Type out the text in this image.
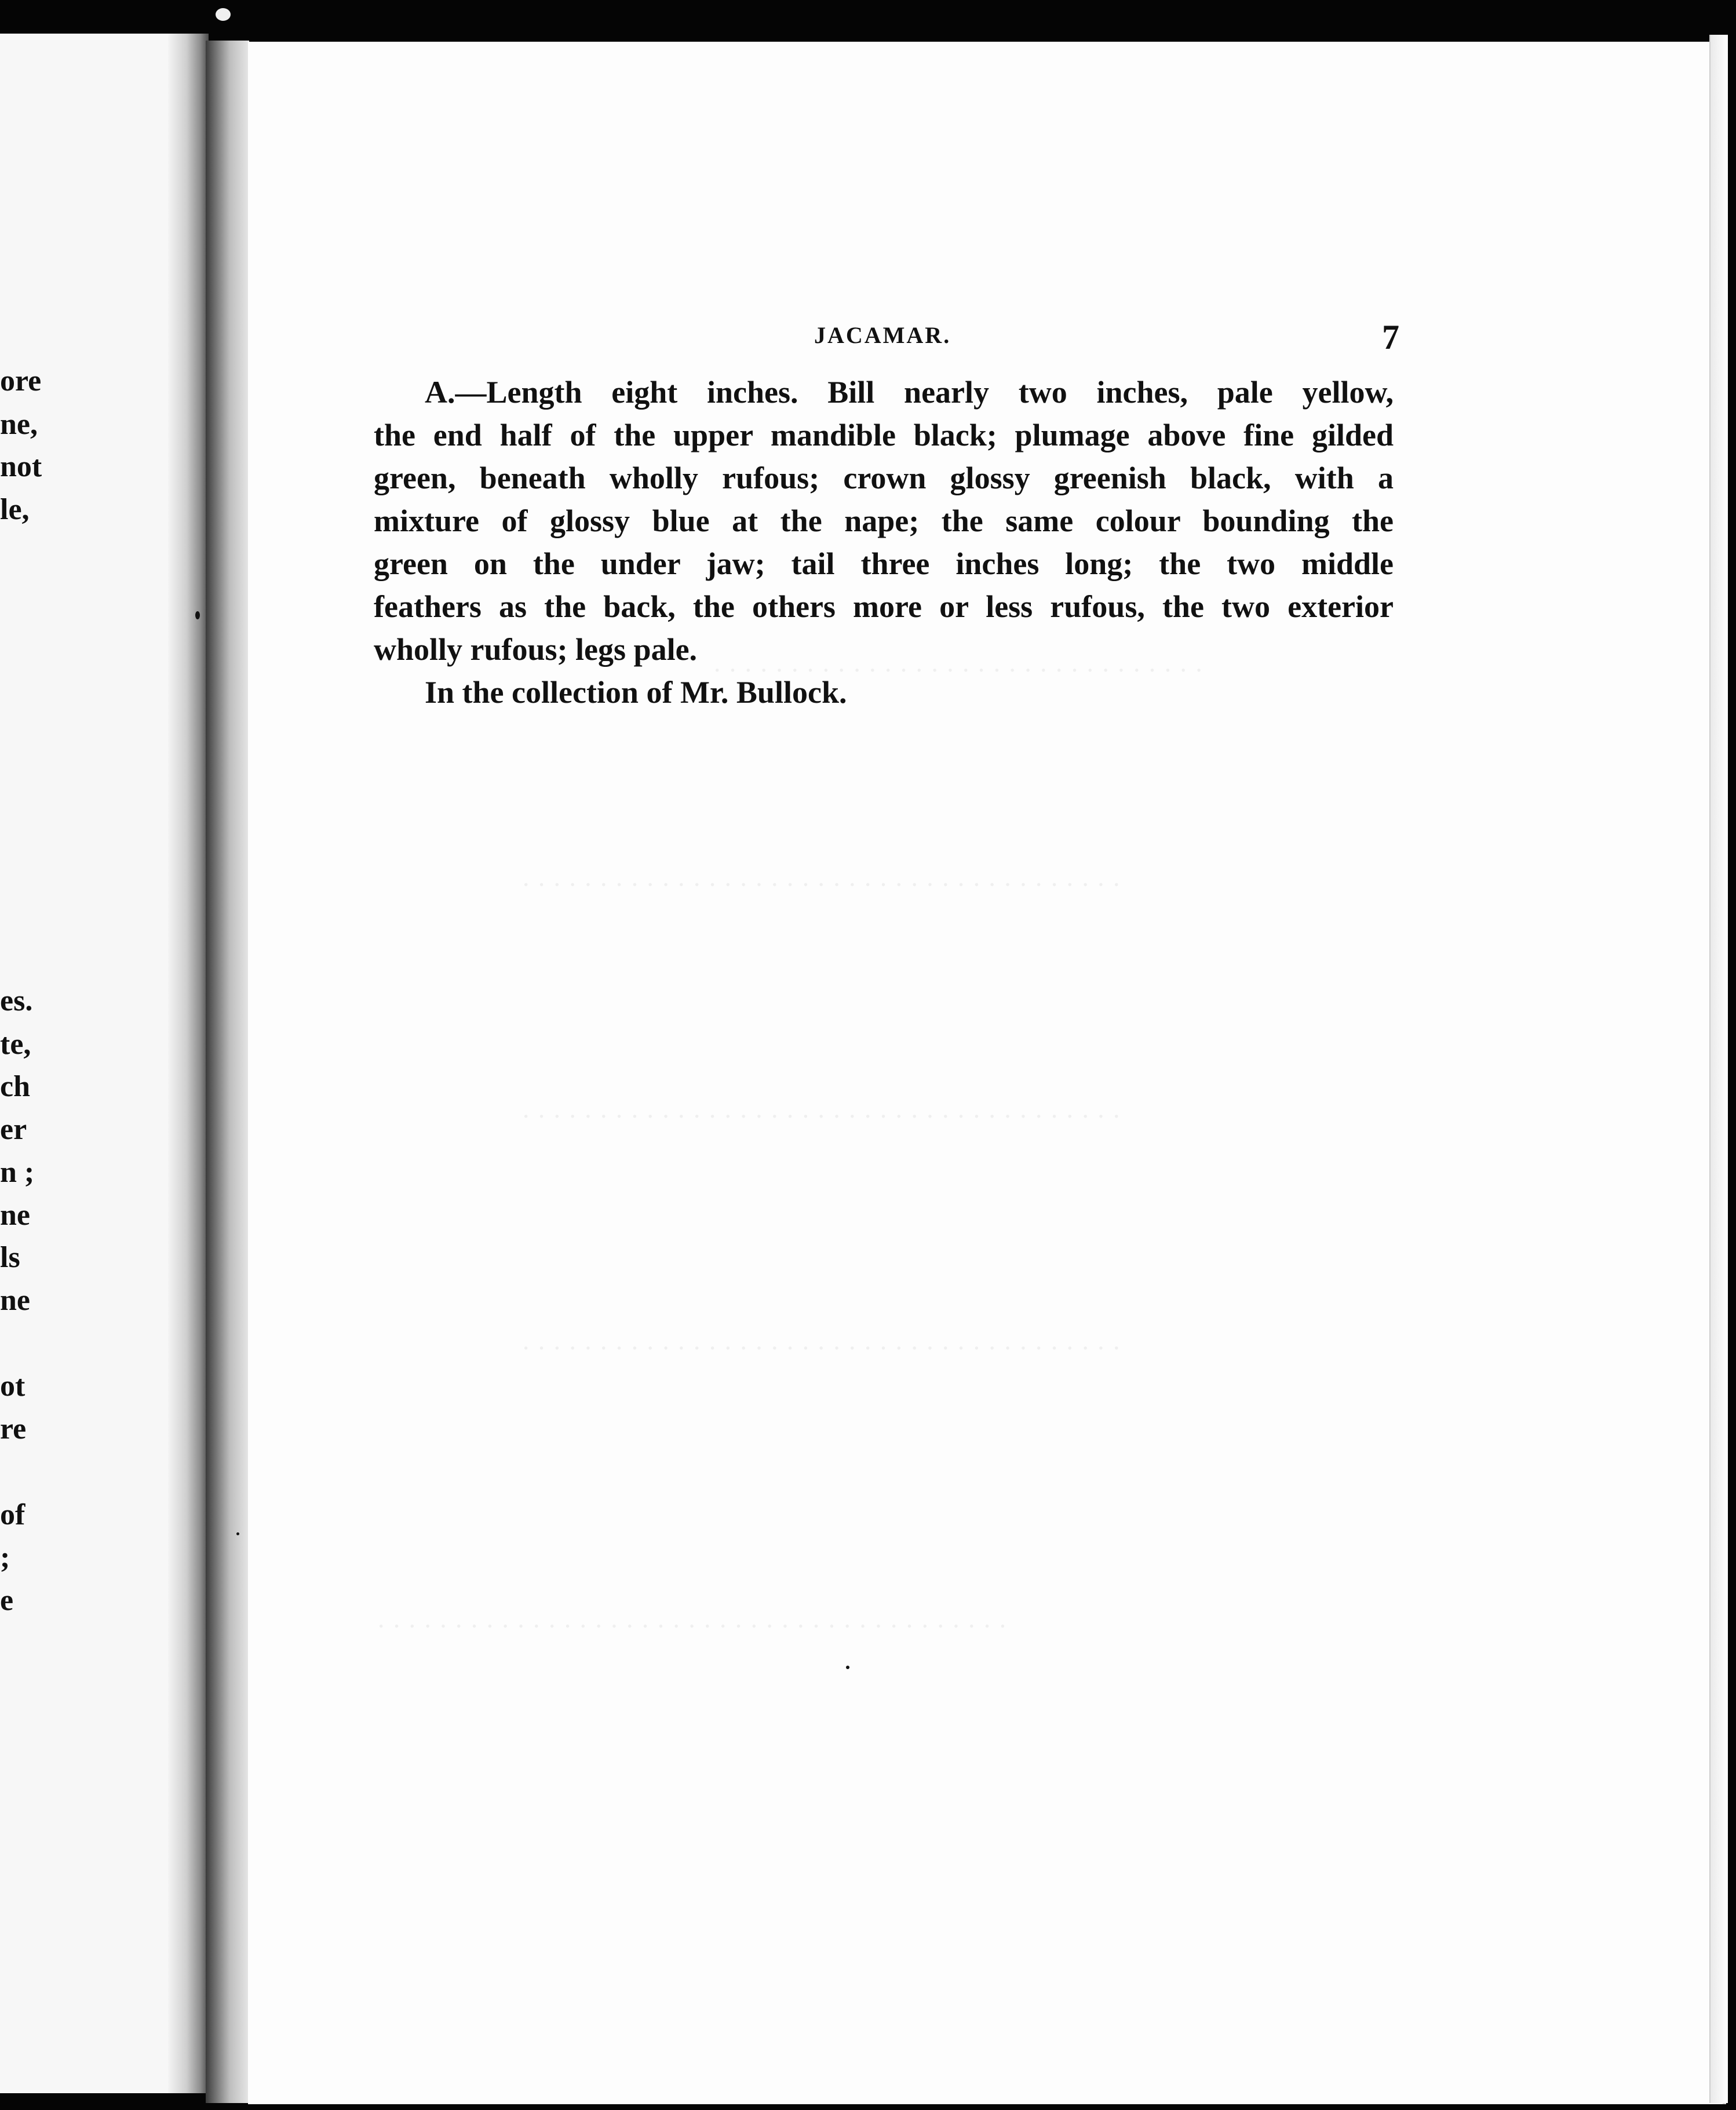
ore
ne,
not
le,
es.
te,
ch
er
n ;
ne
ls
ne
ot
re
of
;
e
· · · · · · · · · · · · · · · · · · · · · · · · · · · · · · · ·
· · · · · · · · · · · · · · · · · · · · · · · · · · · · · · · · · · · · · · ·
· · · · · · · · · · · · · · · · · · · · · · · · · · · · · · · · · · · · · · ·
· · · · · · · · · · · · · · · · · · · · · · · · · · · · · · · · · · · · · · ·
· · · · · · · · · · · · · · · · · · · · · · · · · · · · · · · · · · · · · · · · ·
JACAMAR.	7
A.—Length eight inches. Bill nearly two inches, pale yellow,
the end half of the upper mandible black; plumage above fine gilded
green, beneath wholly rufous; crown glossy greenish black, with a
mixture of glossy blue at the nape; the same colour bounding the
green on the under jaw; tail three inches long; the two middle
feathers as the back, the others more or less rufous, the two exterior
wholly rufous; legs pale.
In the collection of Mr. Bullock.
